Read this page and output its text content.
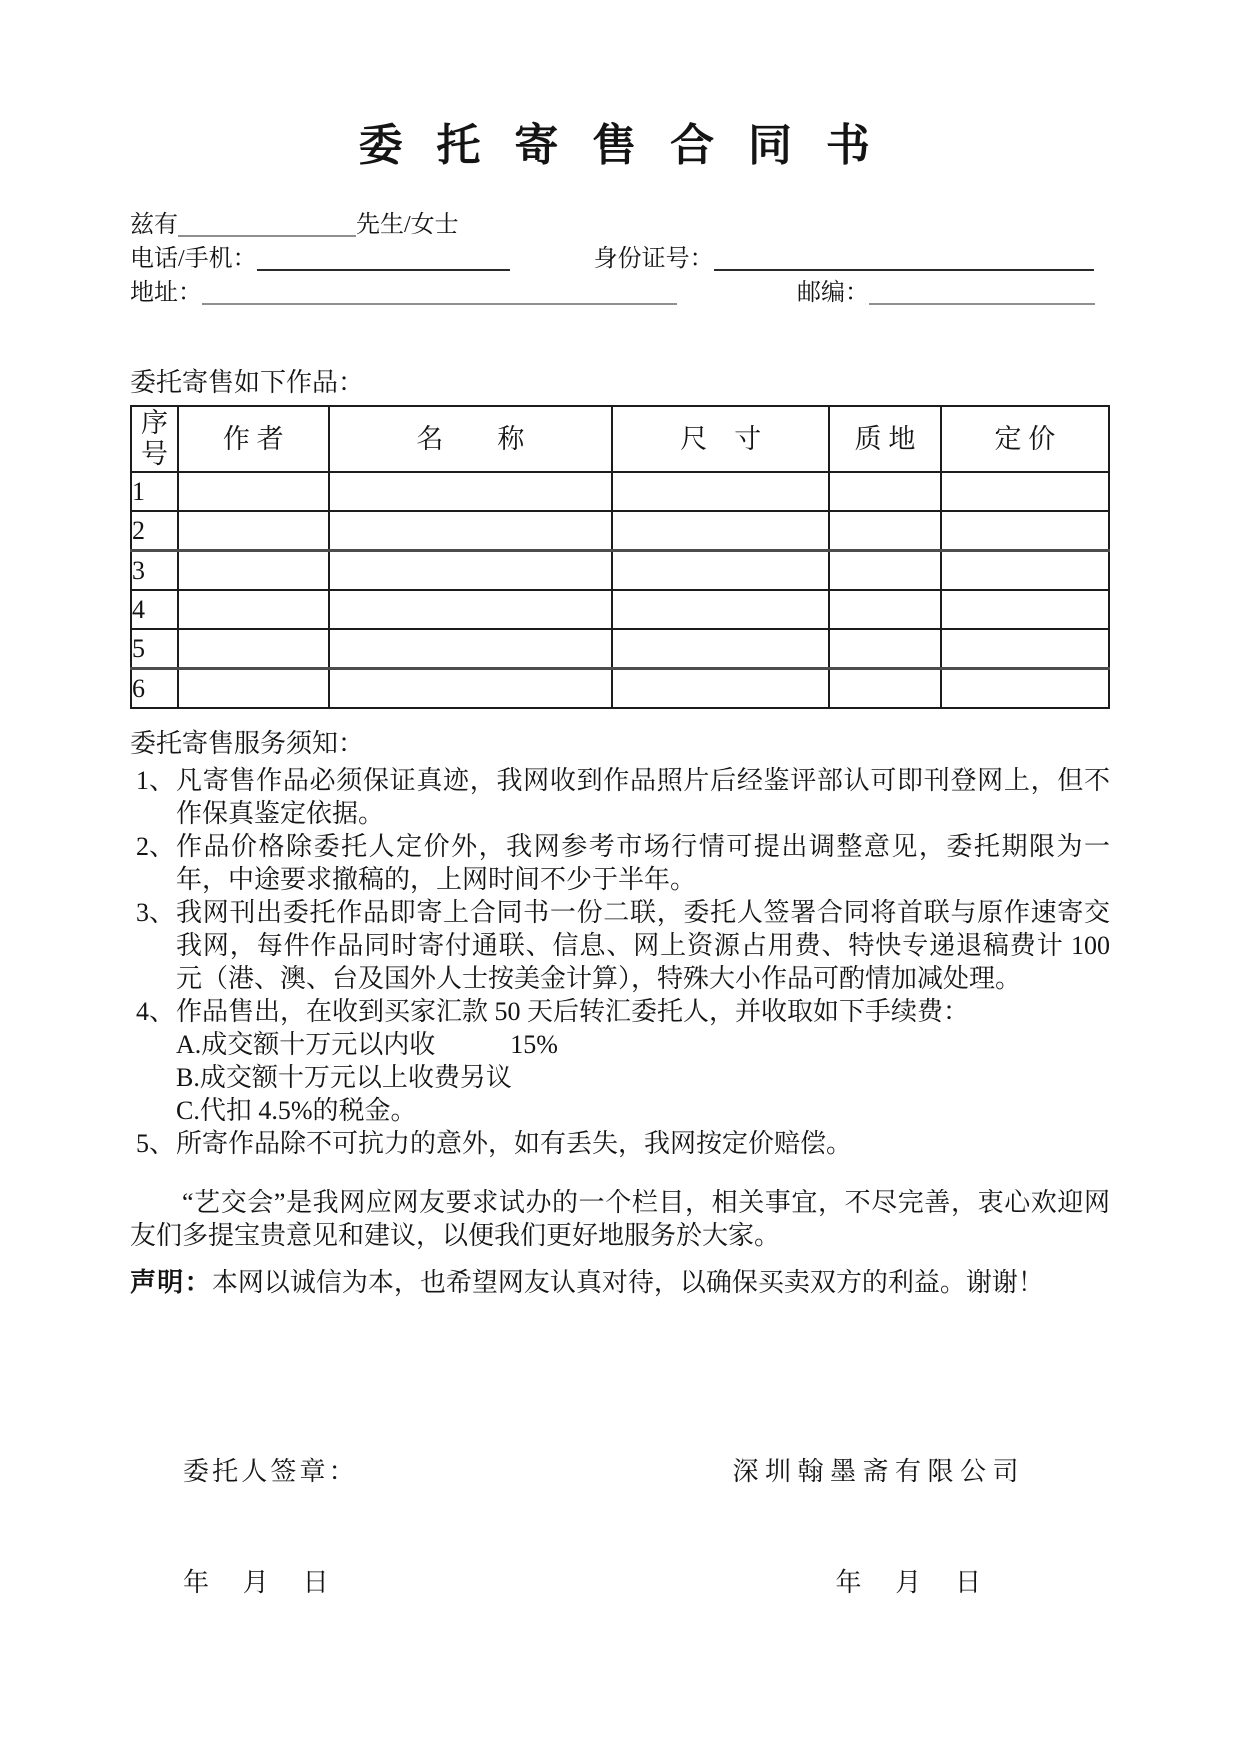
委 托 寄 售 合 同 书

兹有	先生/女士

电话/手机：	身份证号：

地址：	邮编：

委托寄售如下作品：

序号	作 者	名　　称	尺　寸	质 地	定 价
1					
2					
3					
4					
5					
6					

委托寄售服务须知：

1、 凡寄售作品必须保证真迹，我网收到作品照片后经鉴评部认可即刊登网上，但不作保真鉴定依据。
2、 作品价格除委托人定价外，我网参考市场行情可提出调整意见，委托期限为一年，中途要求撤稿的，上网时间不少于半年。
3、 我网刊出委托作品即寄上合同书一份二联，委托人签署合同将首联与原作速寄交我网，每件作品同时寄付通联、信息、网上资源占用费、特快专递退稿费计 100 元（港、澳、台及国外人士按美金计算），特殊大小作品可酌情加减处理。
4、 作品售出，在收到买家汇款 50 天后转汇委托人，并收取如下手续费：
A.成交额十万元以内收	15%
B.成交额十万元以上收费另议
C.代扣 4.5%的税金。
5、 所寄作品除不可抗力的意外，如有丢失，我网按定价赔偿。

“艺交会”是我网应网友要求试办的一个栏目，相关事宜，不尽完善，衷心欢迎网友们多提宝贵意见和建议，以便我们更好地服务於大家。

声明：本网以诚信为本，也希望网友认真对待，以确保买卖双方的利益。谢谢！

委托人签章：	深圳翰墨斋有限公司
年　月　日	年　月　日
